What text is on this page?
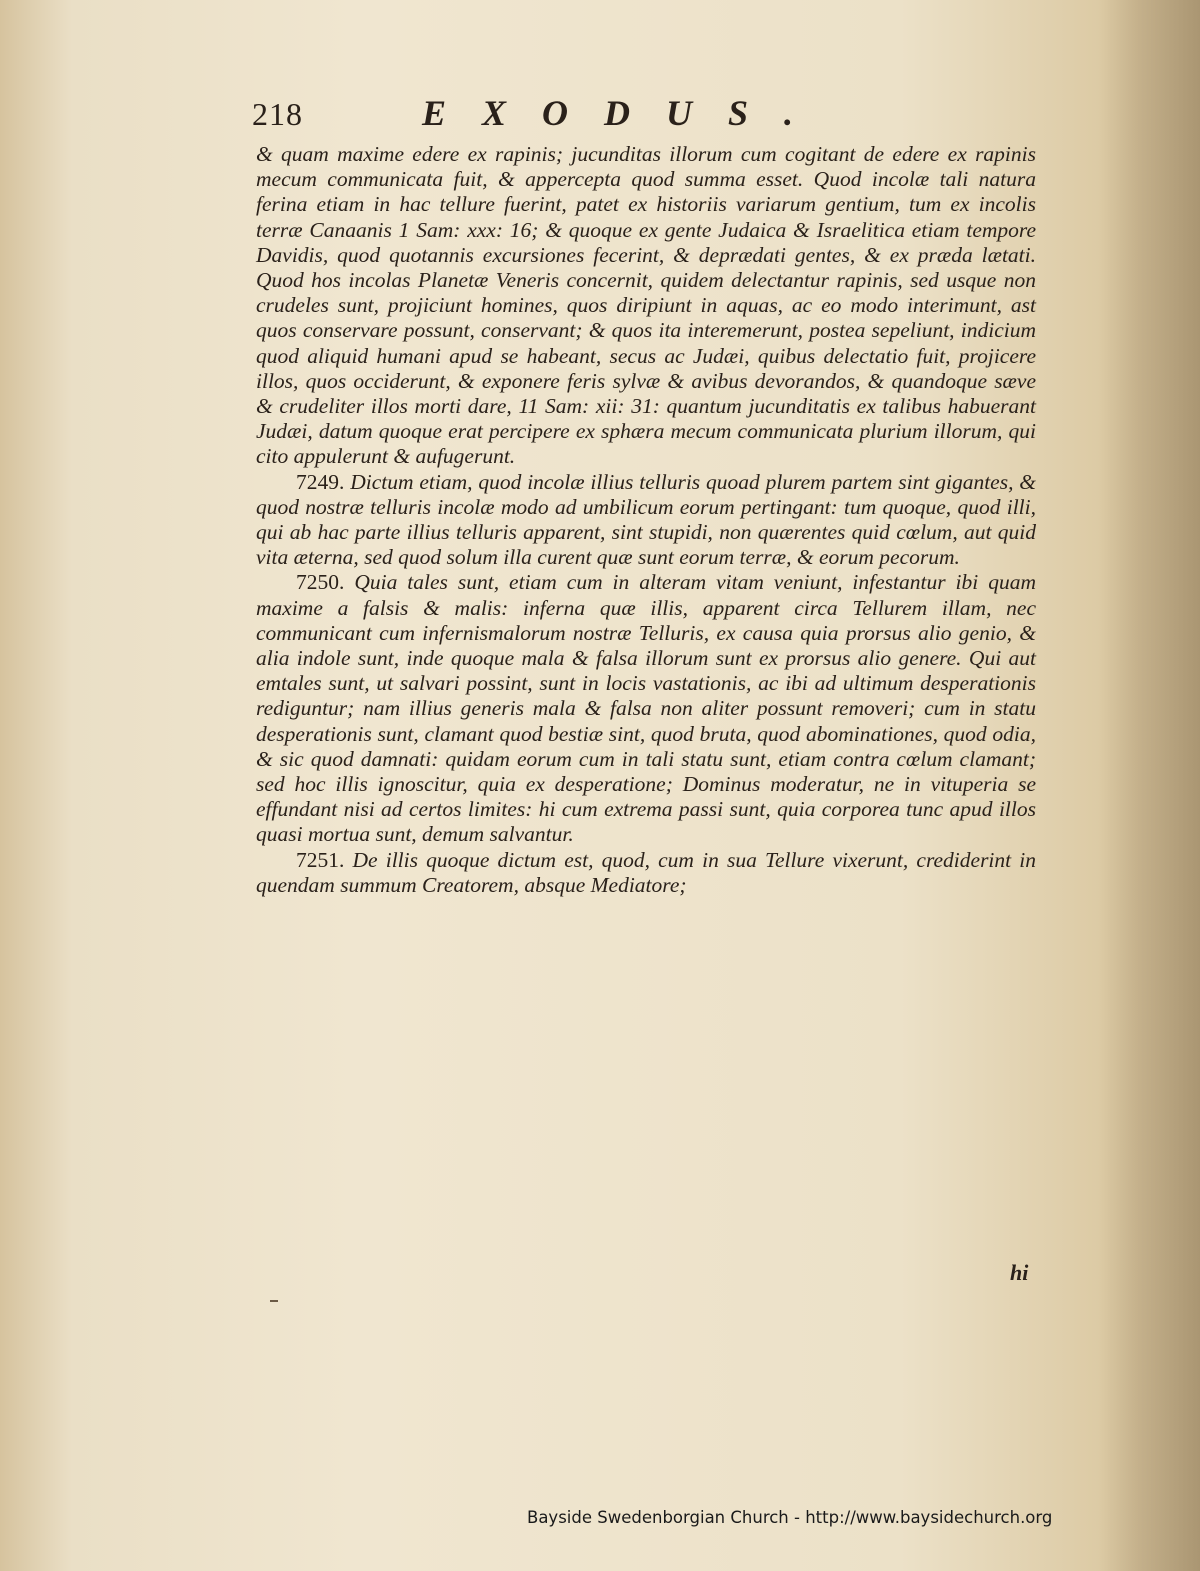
218	EXODUS.

& quam maxime edere ex rapinis; jucunditas illorum cum cogitant de edere ex rapinis mecum communicata fuit, & appercepta quod summa esset. Quod incolæ tali natura ferina etiam in hac tellure fuerint, patet ex historiis variarum gentium, tum ex incolis terræ Canaanis 1 Sam: xxx: 16; & quoque ex gente Judaica & Israelitica etiam tempore Davidis, quod quotannis excursiones fecerint, & deprædati gentes, & ex præda lætati. Quod hos incolas Planetæ Veneris concernit, quidem delectantur rapinis, sed usque non crudeles sunt, projiciunt homines, quos diripiunt in aquas, ac eo modo interimunt, ast quos conservare possunt, conservant; & quos ita interemerunt, postea sepeliunt, indicium quod aliquid humani apud se habeant, secus ac Judæi, quibus delectatio fuit, projicere illos, quos occiderunt, & exponere feris sylvæ & avibus devorandos, & quandoque sæve & crudeliter illos morti dare, 11 Sam: xii: 31: quantum jucunditatis ex talibus habuerant Judæi, datum quoque erat percipere ex sphæra mecum communicata plurium illorum, qui cito appulerunt & aufugerunt.

7249. Dictum etiam, quod incolæ illius telluris quoad plurem partem sint gigantes, & quod nostræ telluris incolæ modo ad umbilicum eorum pertingant: tum quoque, quod illi, qui ab hac parte illius telluris apparent, sint stupidi, non quærentes quid cœlum, aut quid vita æterna, sed quod solum illa curent quæ sunt eorum terræ, & eorum pecorum.

7250. Quia tales sunt, etiam cum in alteram vitam veniunt, infestantur ibi quam maxime a falsis & malis: inferna quæ illis, apparent circa Tellurem illam, nec communicant cum infernismalorum nostræ Telluris, ex causa quia prorsus alio genio, & alia indole sunt, inde quoque mala & falsa illorum sunt ex prorsus alio genere. Qui aut emtales sunt, ut salvari possint, sunt in locis vastationis, ac ibi ad ultimum desperationis rediguntur; nam illius generis mala & falsa non aliter possunt removeri; cum in statu desperationis sunt, clamant quod bestiæ sint, quod bruta, quod abominationes, quod odia, & sic quod damnati: quidam eorum cum in tali statu sunt, etiam contra cœlum clamant; sed hoc illis ignoscitur, quia ex desperatione; Dominus moderatur, ne in vituperia se effundant nisi ad certos limites: hi cum extrema passi sunt, quia corporea tunc apud illos quasi mortua sunt, demum salvantur.

7251. De illis quoque dictum est, quod, cum in sua Tellure vixerunt, crediderint in quendam summum Creatorem, absque Mediatore;

hi
Bayside Swedenborgian Church - http://www.baysidechurch.org
